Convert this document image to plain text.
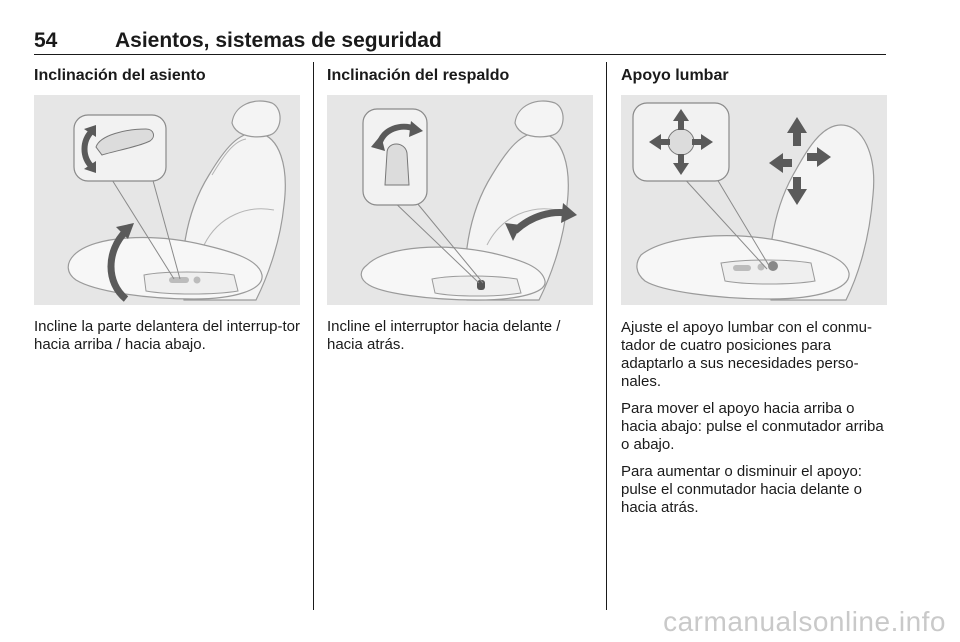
54	Asientos, sistemas de seguridad
Inclinación del asiento

Incline la parte delantera del interrup-tor hacia arriba / hacia abajo.

Inclinación del respaldo

Incline el interruptor hacia delante / hacia atrás.

Apoyo lumbar

Ajuste el apoyo lumbar con el conmu-tador de cuatro posiciones para adaptarlo a sus necesidades perso-nales.

Para mover el apoyo hacia arriba o hacia abajo: pulse el conmutador arriba o abajo.

Para aumentar o disminuir el apoyo: pulse el conmutador hacia delante o hacia atrás.

carmanualsonline.info
